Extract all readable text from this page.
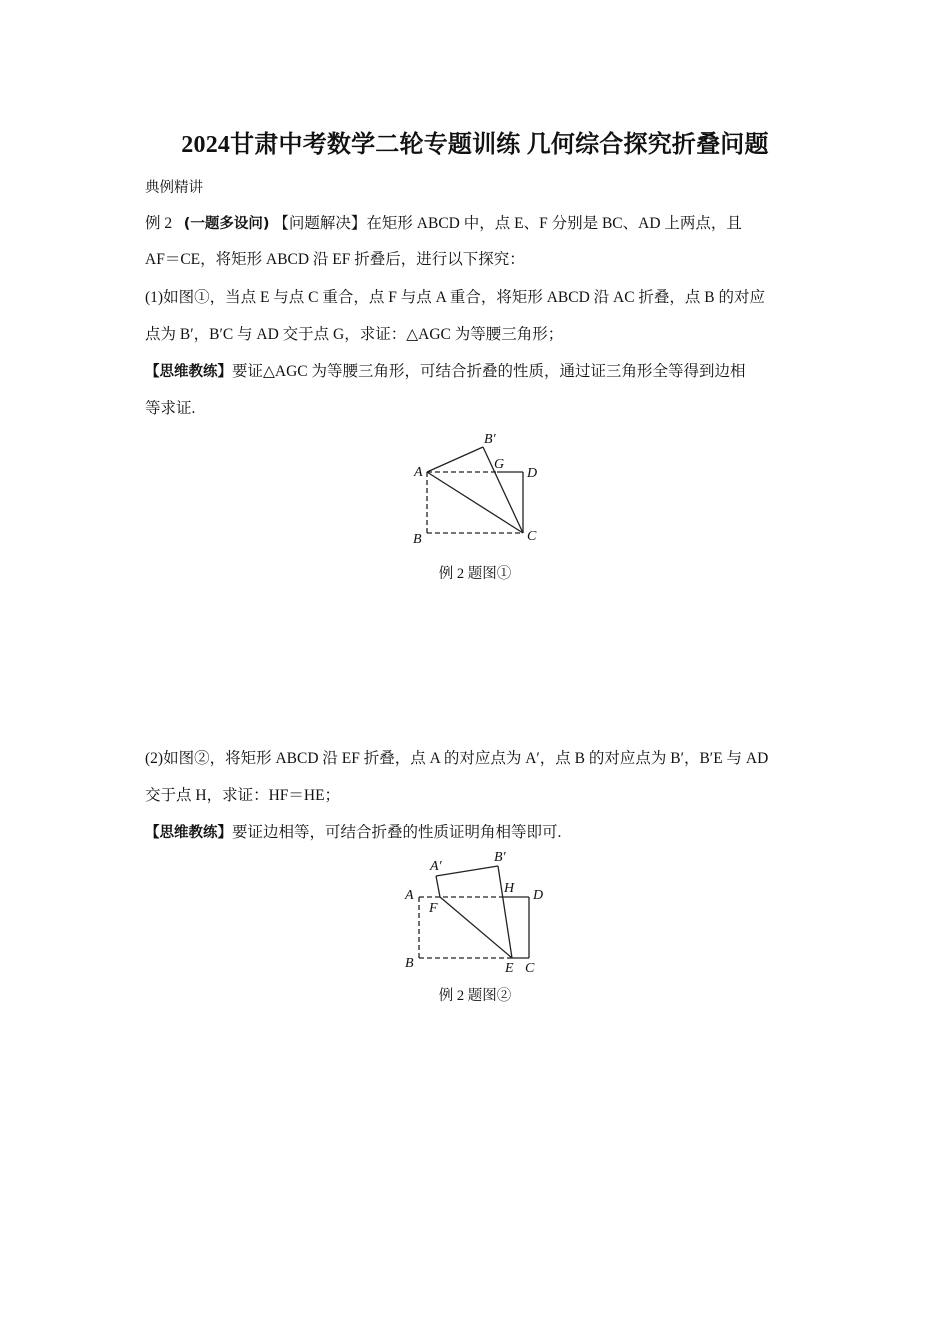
2024甘肃中考数学二轮专题训练 几何综合探究折叠问题
典例精讲
例 2 (一题多设问) 【问题解决】在矩形 ABCD 中，点 E、F 分别是 BC、AD 上两点，且
AF＝CE，将矩形 ABCD 沿 EF 折叠后，进行以下探究：
(1)如图①，当点 E 与点 C 重合，点 F 与点 A 重合，将矩形 ABCD 沿 AC 折叠，点 B 的对应
点为 B′，B′C 与 AD 交于点 G，求证：△AGC 为等腰三角形；
【思维教练】要证△AGC 为等腰三角形，可结合折叠的性质，通过证三角形全等得到边相
等求证.
A
B′
G
D
C
B
A′
B′
A
F
H D
B	E C
例 2 题图①
(2)如图②，将矩形 ABCD 沿 EF 折叠，点 A 的对应点为 A′，点 B 的对应点为 B′，B′E 与 AD
交于点 H，求证：HF＝HE；
【思维教练】要证边相等，可结合折叠的性质证明角相等即可.
例 2 题图②
